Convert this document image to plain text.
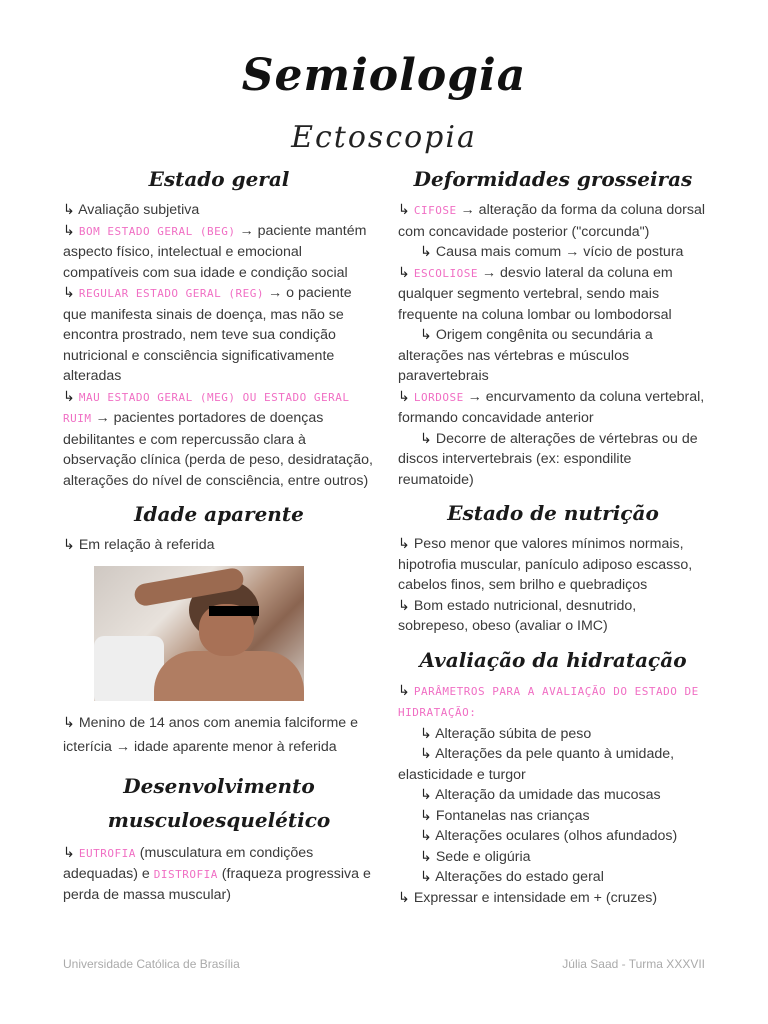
Semiologia
Ectoscopia
Estado geral

↳ Avaliação subjetiva

↳ BOM ESTADO GERAL (BEG) → paciente mantém aspecto físico, intelectual e emocional compatíveis com sua idade e condição social

↳ REGULAR ESTADO GERAL (REG) → o paciente que manifesta sinais de doença, mas não se encontra prostrado, nem teve sua condição nutricional e consciência significativamente alteradas

↳ MAU ESTADO GERAL (MEG) OU ESTADO GERAL RUIM → pacientes portadores de doenças debilitantes e com repercussão clara à observação clínica (perda de peso, desidratação, alterações do nível de consciência, entre outros)

Idade aparente

↳ Em relação à referida

↳ Menino de 14 anos com anemia falciforme e icterícia → idade aparente menor à referida

Desenvolvimento
musculoesquelético

↳ EUTROFIA (musculatura em condições adequadas) e DISTROFIA (fraqueza progressiva e perda de massa muscular)

Deformidades grosseiras

↳ CIFOSE → alteração da forma da coluna dorsal com concavidade posterior ("corcunda")

↳ Causa mais comum → vício de postura

↳ ESCOLIOSE → desvio lateral da coluna em qualquer segmento vertebral, sendo mais frequente na coluna lombar ou lombodorsal

↳ Origem congênita ou secundária a alterações nas vértebras e músculos paravertebrais

↳ LORDOSE → encurvamento da coluna vertebral, formando concavidade anterior

↳ Decorre de alterações de vértebras ou de discos intervertebrais (ex: espondilite reumatoide)

Estado de nutrição

↳ Peso menor que valores mínimos normais, hipotrofia muscular, panículo adiposo escasso, cabelos finos, sem brilho e quebradiços

↳ Bom estado nutricional, desnutrido, sobrepeso, obeso (avaliar o IMC)

Avaliação da hidratação

↳ PARÂMETROS PARA A AVALIAÇÃO DO ESTADO DE HIDRATAÇÃO:

↳ Alteração súbita de peso

↳ Alterações da pele quanto à umidade, elasticidade e turgor

↳ Alteração da umidade das mucosas

↳ Fontanelas nas crianças

↳ Alterações oculares (olhos afundados)

↳ Sede e oligúria

↳ Alterações do estado geral

↳ Expressar e intensidade em + (cruzes)

Universidade Católica de Brasília	Júlia Saad - Turma XXXVII
